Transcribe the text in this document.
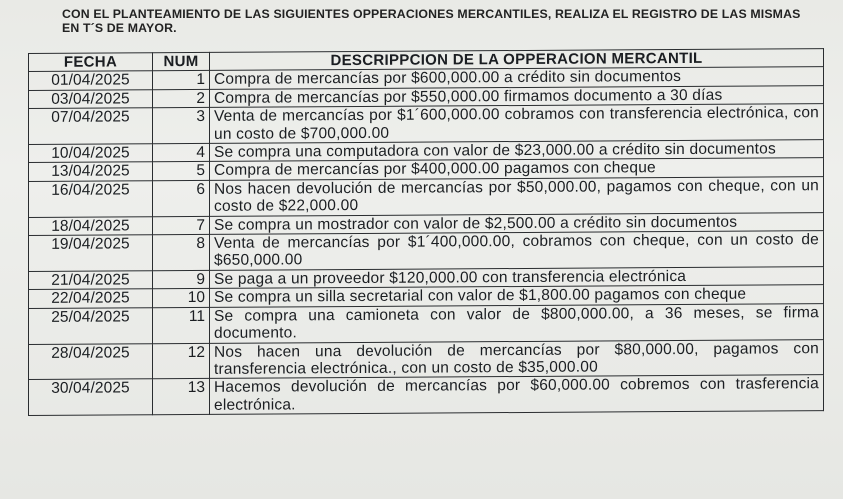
CON EL PLANTEAMIENTO DE LAS SIGUIENTES OPPERACIONES MERCANTILES, REALIZA EL REGISTRO DE LAS MISMAS EN T´S DE MAYOR.
FECHA	NUM	DESCRIPPCION DE LA OPPERACION MERCANTIL
01/04/2025	1	Compra de mercancías por $600,000.00 a crédito sin documentos
03/04/2025	2	Compra de mercancías por $550,000.00 firmamos documento a 30 días
07/04/2025	3	Venta de mercancías por $1´600,000.00 cobramos con transferencia electrónica, con un costo de $700,000.00
10/04/2025	4	Se compra una computadora con valor de $23,000.00 a crédito sin documentos
13/04/2025	5	Compra de mercancías por $400,000.00 pagamos con cheque
16/04/2025	6	Nos hacen devolución de mercancías por $50,000.00, pagamos con cheque, con un costo de $22,000.00
18/04/2025	7	Se compra un mostrador con valor de $2,500.00 a crédito sin documentos
19/04/2025	8	Venta de mercancías por $1´400,000.00, cobramos con cheque, con un costo de $650,000.00
21/04/2025	9	Se paga a un proveedor $120,000.00 con transferencia electrónica
22/04/2025	10	Se compra un silla secretarial con valor de $1,800.00 pagamos con cheque
25/04/2025	11	Se compra una camioneta con valor de $800,000.00, a 36 meses, se firma documento.
28/04/2025	12	Nos hacen una devolución de mercancías por $80,000.00, pagamos con transferencia electrónica., con un costo de $35,000.00
30/04/2025	13	Hacemos devolución de mercancías por $60,000.00 cobremos con trasferencia electrónica.
